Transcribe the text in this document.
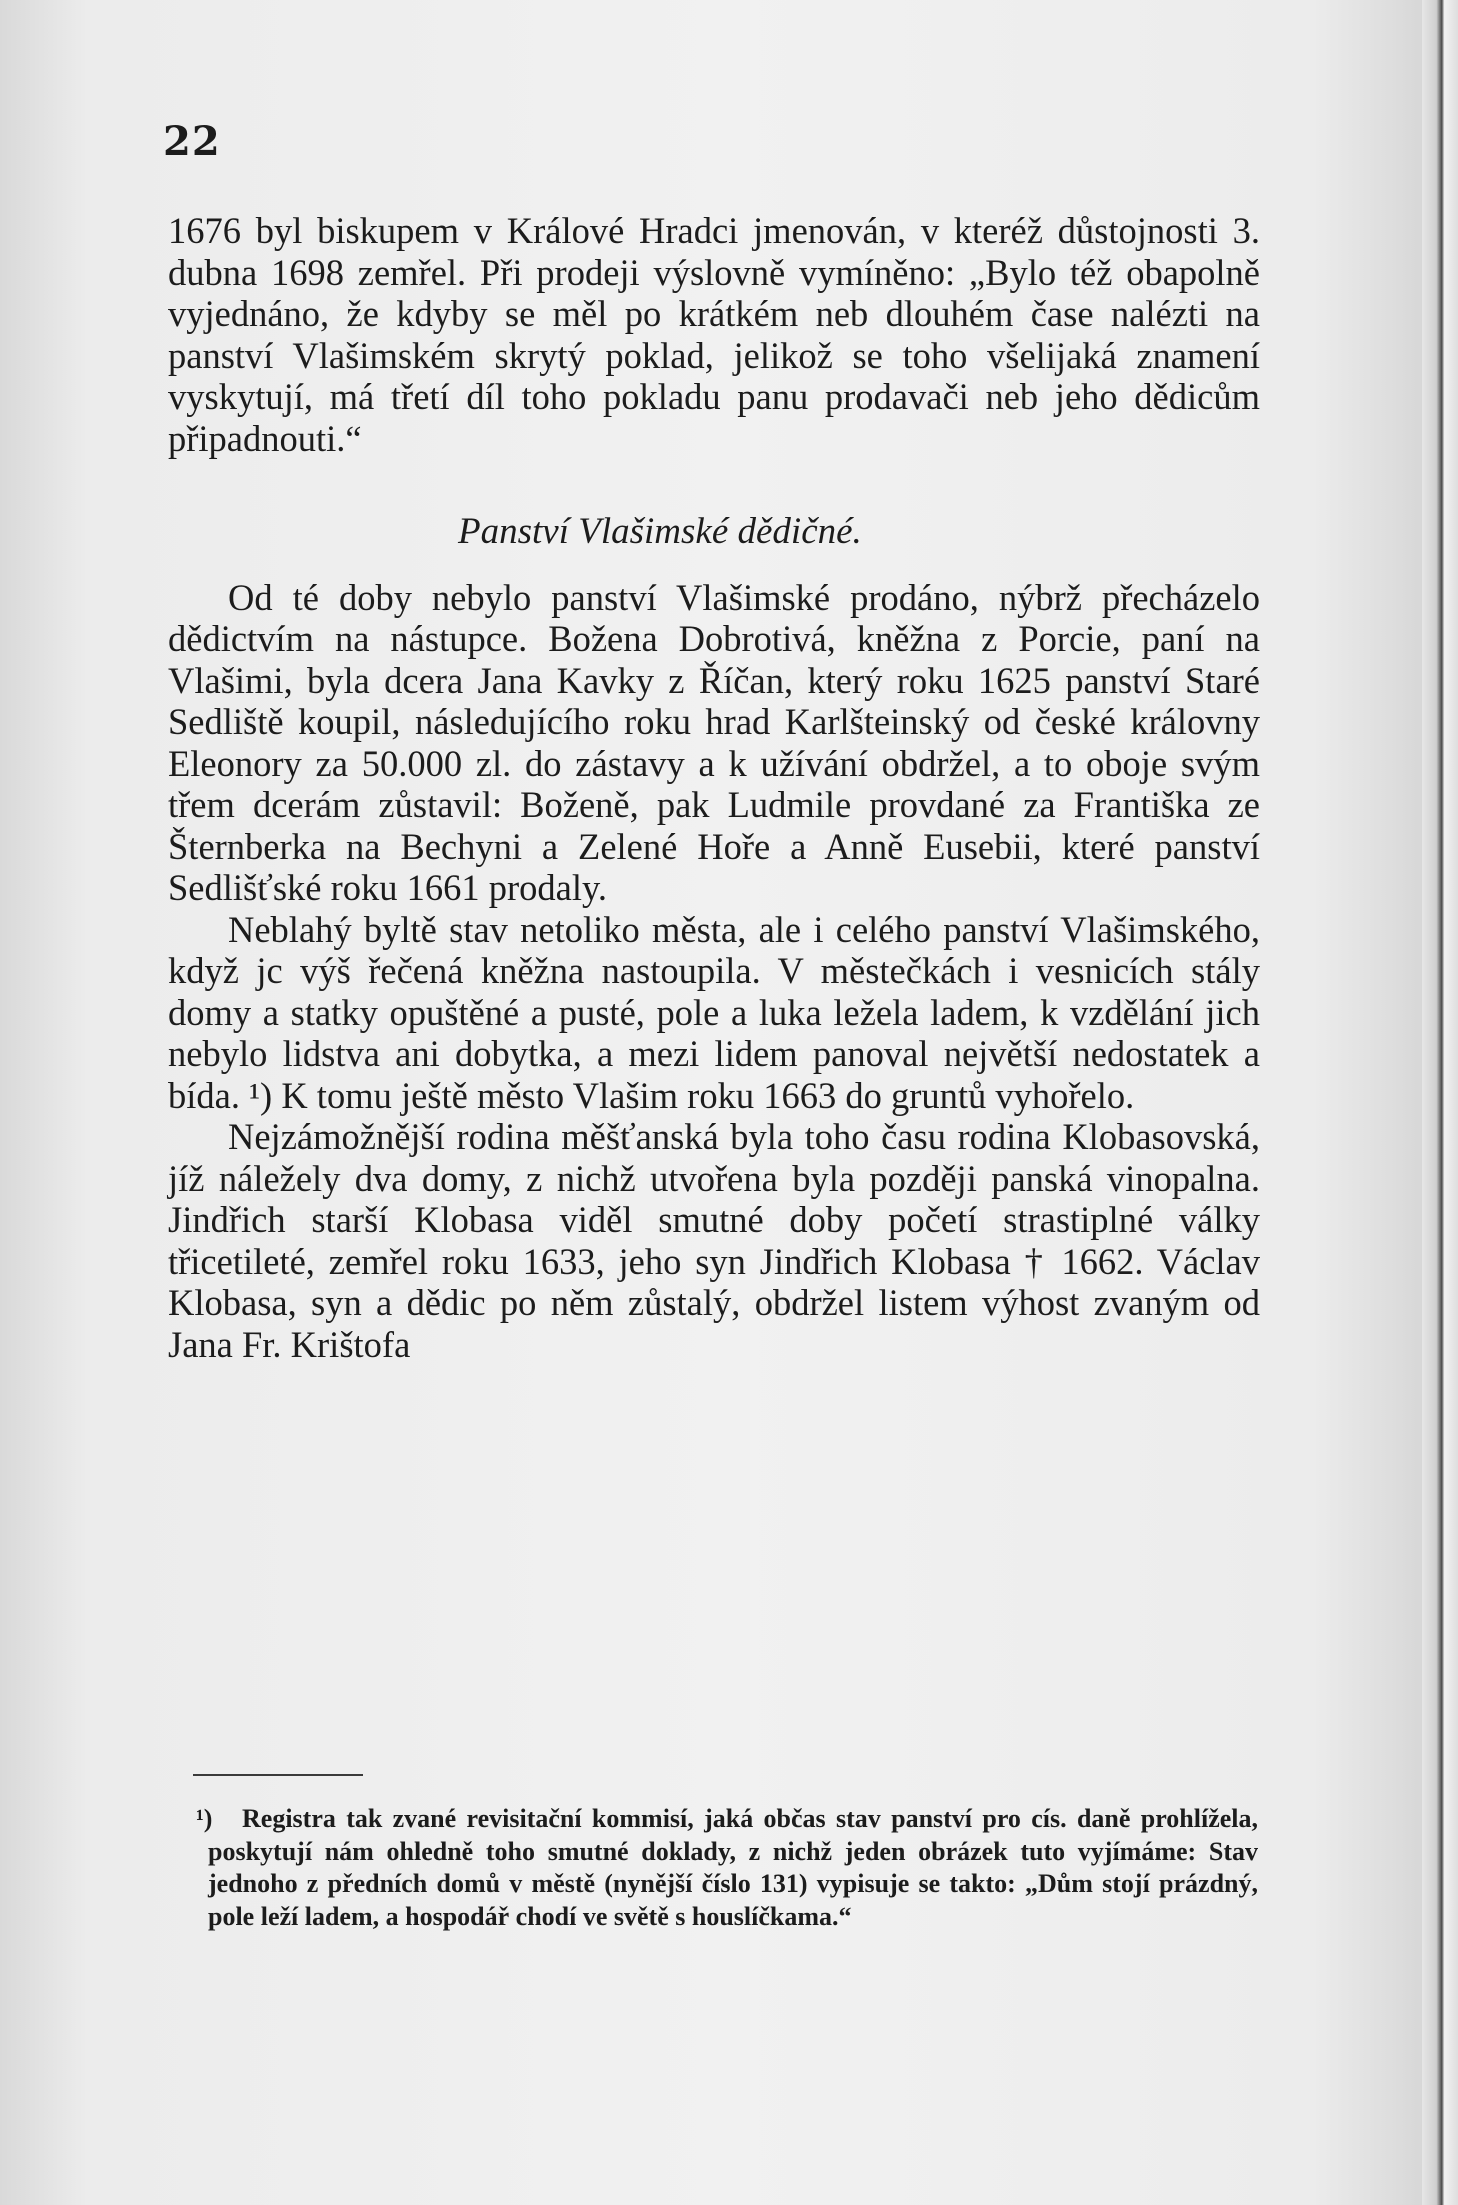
22

1676 byl biskupem v Králové Hradci jmenován, v kteréž důstojnosti 3. dubna 1698 zemřel. Při prodeji výslovně vymíněno: „Bylo též obapolně vyjednáno, že kdyby se měl po krátkém neb dlouhém čase nalézti na panství Vlašimském skrytý poklad, jelikož se toho všelijaká znamení vyskytují, má třetí díl toho pokladu panu prodavači neb jeho dědicům připadnouti.“

Panství Vlašimské dědičné.

Od té doby nebylo panství Vlašimské prodáno, nýbrž přecházelo dědictvím na nástupce. Božena Dobrotivá, kněžna z Porcie, paní na Vlašimi, byla dcera Jana Kavky z Říčan, který roku 1625 panství Staré Sedliště koupil, následujícího roku hrad Karlšteinský od české královny Eleonory za 50.000 zl. do zástavy a k užívání obdržel, a to oboje svým třem dcerám zůstavil: Boženě, pak Ludmile provdané za Františka ze Šternberka na Bechyni a Zelené Hoře a Anně Eusebii, které panství Sedlišťské roku 1661 prodaly.

Neblahý byltě stav netoliko města, ale i celého panství Vlašimského, když jc výš řečená kněžna nastoupila. V městečkách i vesnicích stály domy a statky opuštěné a pusté, pole a luka ležela ladem, k vzdělání jich nebylo lidstva ani dobytka, a mezi lidem panoval největší nedostatek a bída. ¹) K tomu ještě město Vlašim roku 1663 do gruntů vyhořelo.

Nejzámožnější rodina měšťanská byla toho času rodina Klobasovská, jíž náležely dva domy, z nichž utvořena byla později panská vinopalna. Jindřich starší Klobasa viděl smutné doby početí strastiplné války třicetileté, zemřel roku 1633, jeho syn Jindřich Klobasa † 1662. Václav Klobasa, syn a dědic po něm zůstalý, obdržel listem výhost zvaným od Jana Fr. Krištofa

¹) Registra tak zvané revisitační kommisí, jaká občas stav panství pro cís. daně prohlížela, poskytují nám ohledně toho smutné doklady, z nichž jeden obrázek tuto vyjímáme: Stav jednoho z předních domů v městě (nynější číslo 131) vypisuje se takto: „Dům stojí prázdný, pole leží ladem, a hospodář chodí ve světě s houslíčkama.“
